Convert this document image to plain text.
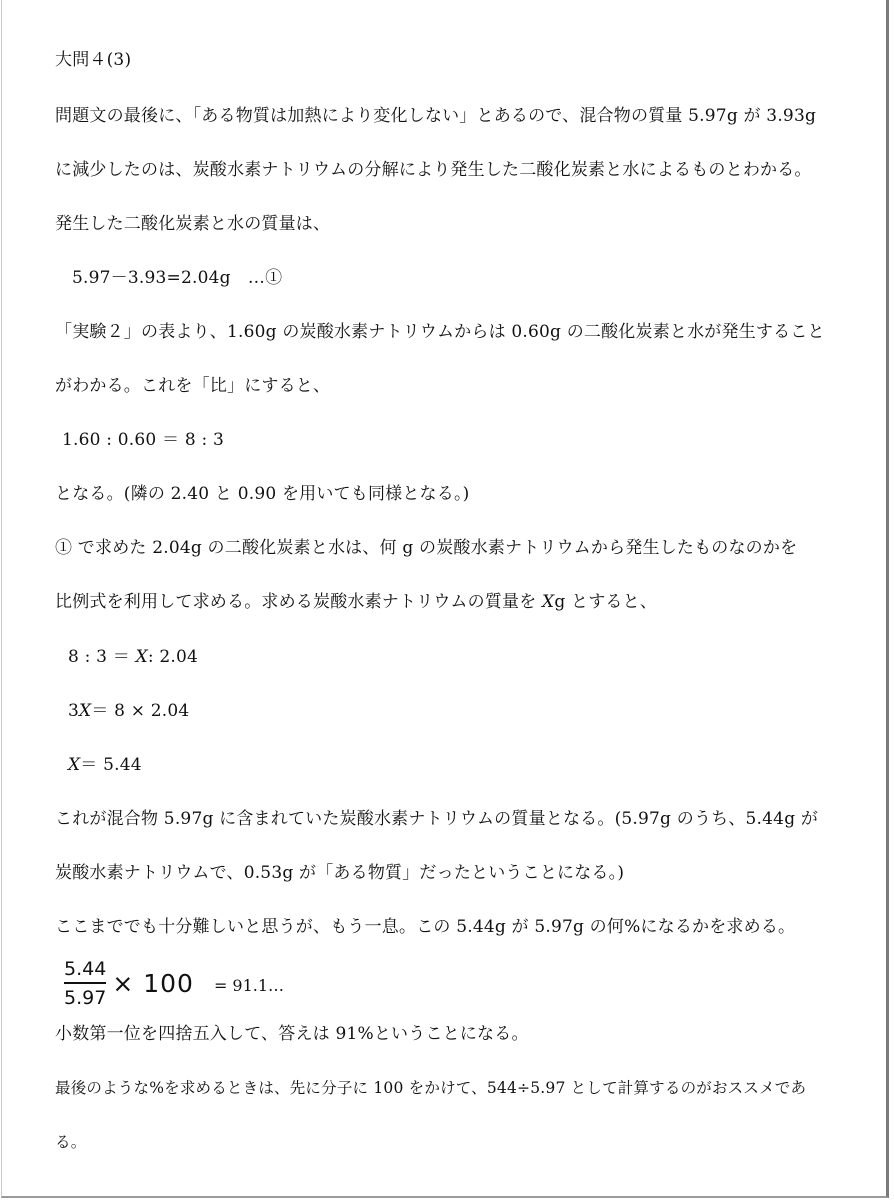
大問４(3)
問題文の最後に、「ある物質は加熱により変化しない」とあるので、混合物の質量 5.97g が 3.93g
に減少したのは、炭酸水素ナトリウムの分解により発生した二酸化炭素と水によるものとわかる。
発生した二酸化炭素と水の質量は、
5.97－3.93=2.04g　…①
「実験２」の表より、1.60g の炭酸水素ナトリウムからは 0.60g の二酸化炭素と水が発生すること
がわかる。これを「比」にすると、
1.60 : 0.60 ＝ 8 : 3
となる。(隣の 2.40 と 0.90 を用いても同様となる。)
① で求めた 2.04g の二酸化炭素と水は、何 g の炭酸水素ナトリウムから発生したものなのかを
比例式を利用して求める。求める炭酸水素ナトリウムの質量を 𝑋g とすると、
8 : 3 ＝ 𝑋: 2.04
3𝑋＝ 8 × 2.04
𝑋＝ 5.44
これが混合物 5.97g に含まれていた炭酸水素ナトリウムの質量となる。(5.97g のうち、5.44g が
炭酸水素ナトリウムで、0.53g が「ある物質」だったということになる。)
ここまででも十分難しいと思うが、もう一息。この 5.44g が 5.97g の何%になるかを求める。
$\frac{5.44}{5.97} \times 100$ = 91.1…
小数第一位を四捨五入して、答えは 91%ということになる。
最後のような%を求めるときは、先に分子に 100 をかけて、544÷5.97 として計算するのがおススメであ
る。
